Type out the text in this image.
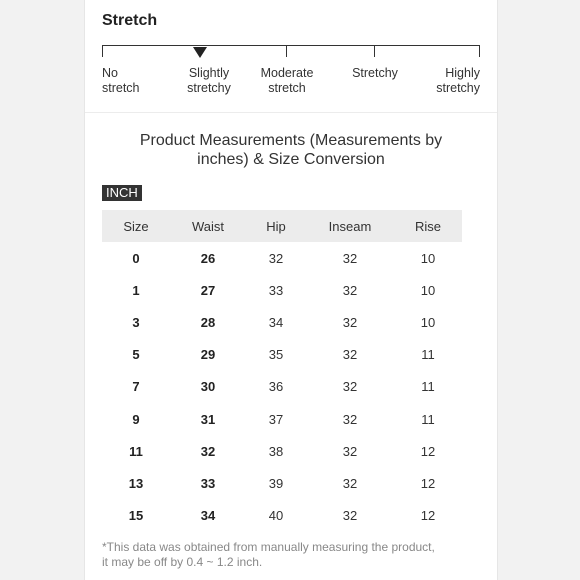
Stretch
No
stretch
Slightly
stretchy
Moderate
stretch
Stretchy	Highly
stretchy
Product Measurements (Measurements by inches) & Size Conversion
INCH
Size	Waist	Hip	Inseam	Rise
0	26	32	32	10
1	27	33	32	10
3	28	34	32	10
5	29	35	32	11
7	30	36	32	11
9	31	37	32	11
11	32	38	32	12
13	33	39	32	12
15	34	40	32	12
*This data was obtained from manually measuring the product,
it may be off by 0.4 ~ 1.2 inch.
